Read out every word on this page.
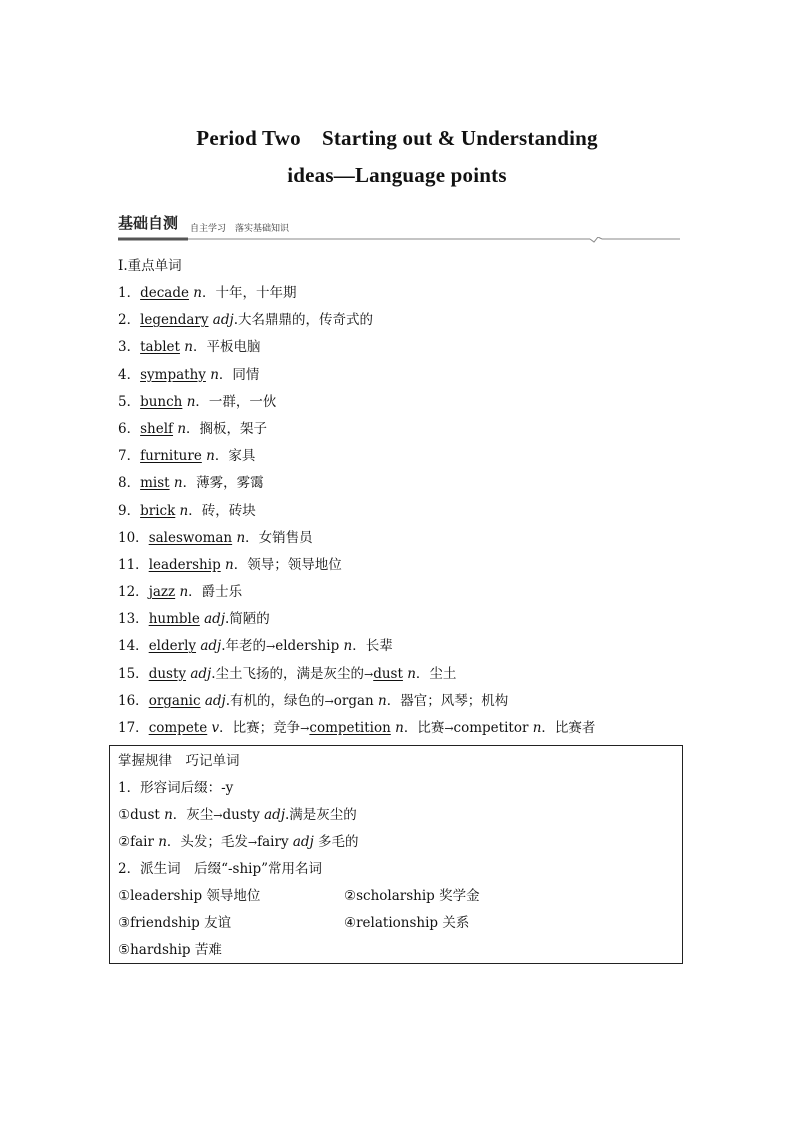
Period Two　Starting out & Understanding
ideas—Language points
基础自测 自主学习　落实基础知识
Ⅰ.重点单词
1．decade n．十年，十年期
2．legendary adj.大名鼎鼎的，传奇式的
3．tablet n．平板电脑
4．sympathy n．同情
5．bunch n．一群，一伙
6．shelf n．搁板，架子
7．furniture n．家具
8．mist n．薄雾，雾霭
9．brick n．砖，砖块
10．saleswoman n．女销售员
11．leadership n．领导；领导地位
12．jazz n．爵士乐
13．humble adj.简陋的
14．elderly adj.年老的→eldership n．长辈
15．dusty adj.尘土飞扬的，满是灰尘的→dust n．尘土
16．organic adj.有机的，绿色的→organ n．器官；风琴；机构
17．compete v．比赛；竞争→competition n．比赛→competitor n．比赛者
掌握规律　巧记单词
1．形容词后缀：-y
①dust n．灰尘→dusty adj.满是灰尘的
②fair n．头发；毛发→fairy adj 多毛的
2．派生词　后缀“-ship”常用名词
①leadership 领导地位	②scholarship 奖学金
③friendship 友谊	④relationship 关系
⑤hardship 苦难
